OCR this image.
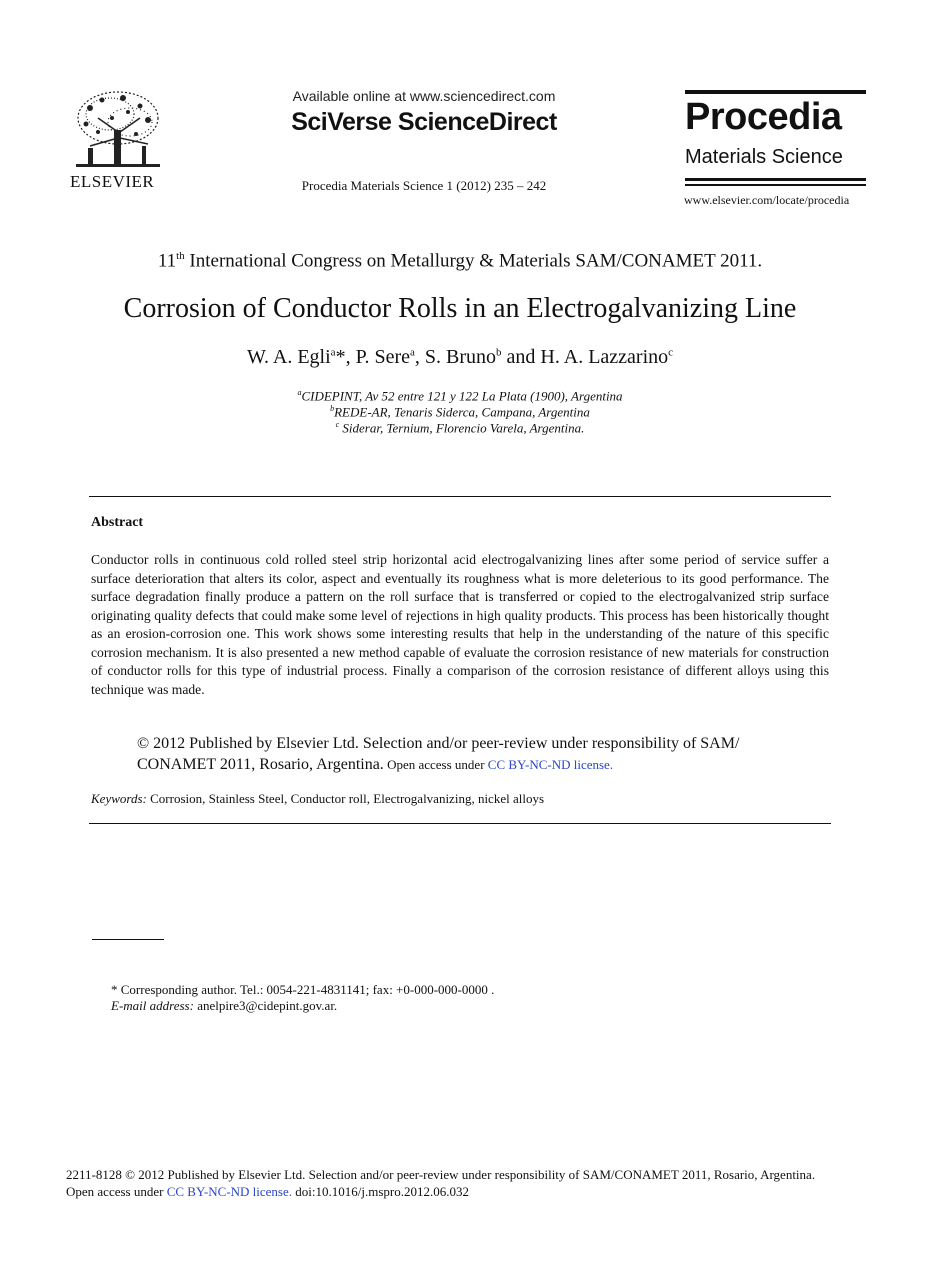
ELSEVIER
Available online at www.sciencedirect.com
SciVerse ScienceDirect
Procedia Materials Science 1 (2012) 235 – 242
Procedia
Materials Science
www.elsevier.com/locate/procedia
11th International Congress on Metallurgy & Materials SAM/CONAMET 2011.
Corrosion of Conductor Rolls in an Electrogalvanizing Line
W. A. Egli$^a$*, P. Sere$^a$, S. Bruno$^b$ and H. A. Lazzarino$^c$
$^a$CIDEPINT, Av 52 entre 121 y 122 La Plata (1900), Argentina
$^b$REDE-AR, Tenaris Siderca, Campana, Argentina
$^c$ Siderar, Ternium, Florencio Varela, Argentina.
Abstract
Conductor rolls in continuous cold rolled steel strip horizontal acid electrogalvanizing lines after some period of service suffer a surface deterioration that alters its color, aspect and eventually its roughness what is more deleterious to its good performance. The surface degradation finally produce a pattern on the roll surface that is transferred or copied to the electrogalvanized strip surface originating quality defects that could make some level of rejections in high quality products. This process has been historically thought as an erosion-corrosion one. This work shows some interesting results that help in the understanding of the nature of this specific corrosion mechanism. It is also presented a new method capable of evaluate the corrosion resistance of new materials for construction of conductor rolls for this type of industrial process. Finally a comparison of the corrosion resistance of different alloys using this technique was made.
© 2012 Published by Elsevier Ltd. Selection and/or peer-review under responsibility of SAM/ CONAMET 2011, Rosario, Argentina. Open access under CC BY-NC-ND license.
Keywords: Corrosion, Stainless Steel, Conductor roll, Electrogalvanizing, nickel alloys
* Corresponding author. Tel.: 0054-221-4831141; fax: +0-000-000-0000 .
E-mail address: anelpire3@cidepint.gov.ar.
2211-8128 © 2012 Published by Elsevier Ltd. Selection and/or peer-review under responsibility of SAM/CONAMET 2011, Rosario, Argentina.
Open access under CC BY-NC-ND license. doi:10.1016/j.mspro.2012.06.032
